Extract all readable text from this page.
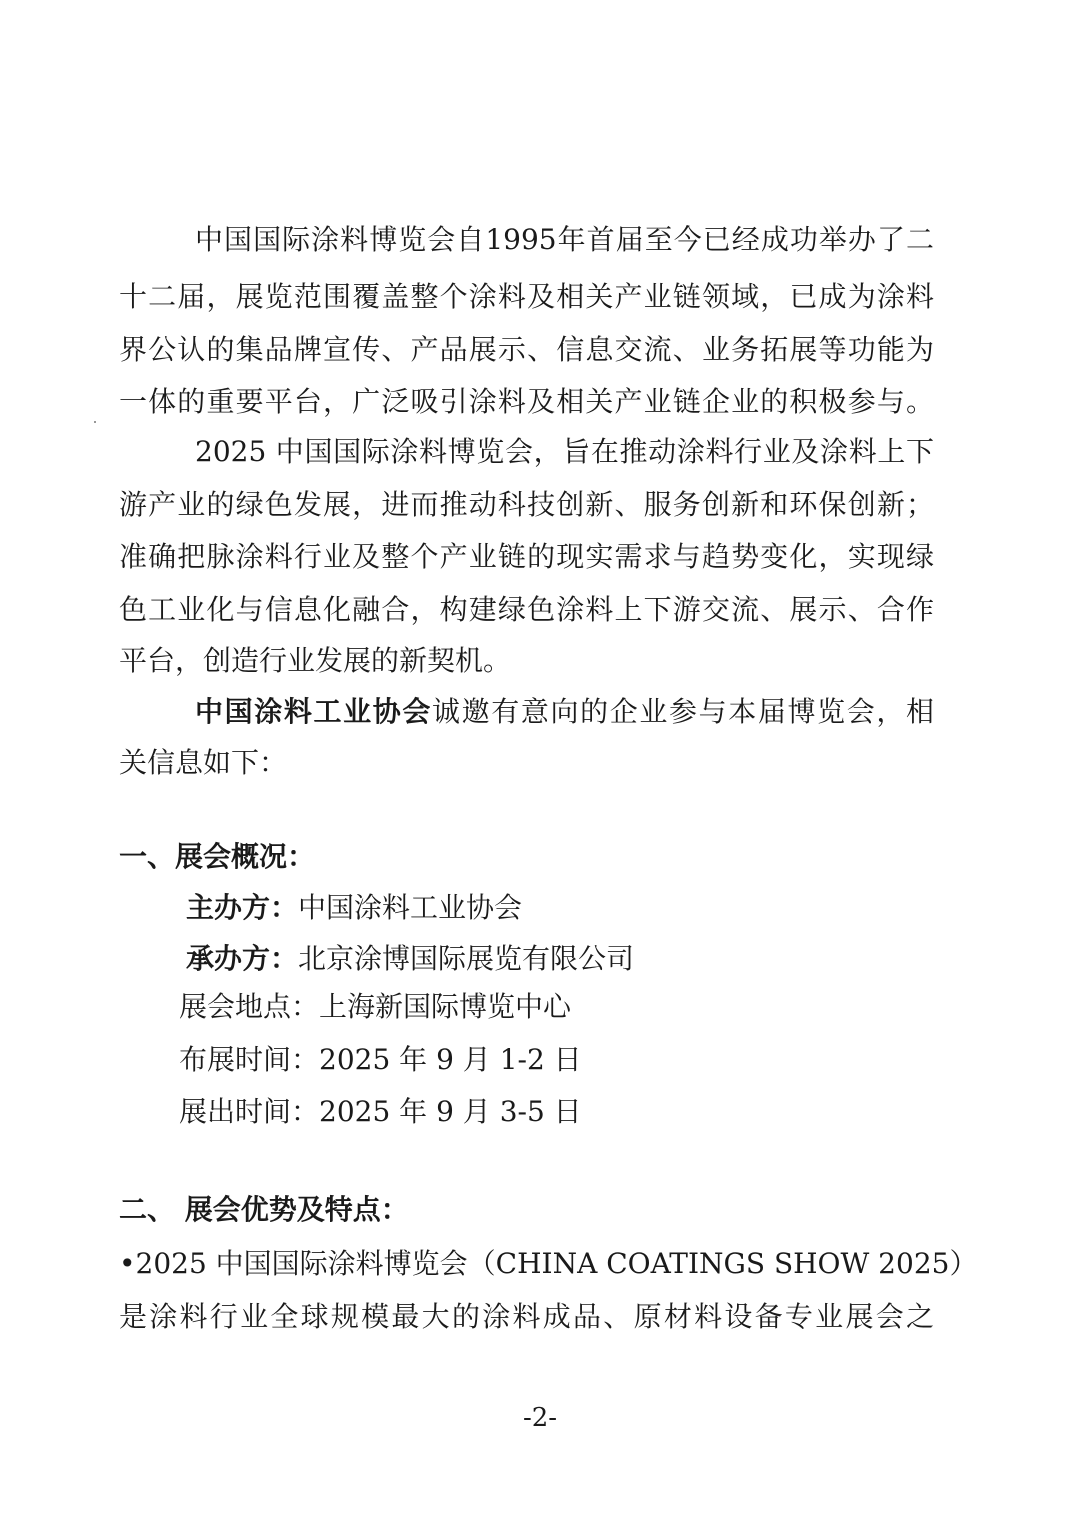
中国国际涂料博览会自1995年首届至今已经成功举办了二
十二届，展览范围覆盖整个涂料及相关产业链领域，已成为涂料
界公认的集品牌宣传、产品展示、信息交流、业务拓展等功能为
一体的重要平台，广泛吸引涂料及相关产业链企业的积极参与。
2025 中国国际涂料博览会，旨在推动涂料行业及涂料上下
游产业的绿色发展，进而推动科技创新、服务创新和环保创新；
准确把脉涂料行业及整个产业链的现实需求与趋势变化，实现绿
色工业化与信息化融合，构建绿色涂料上下游交流、展示、合作
平台，创造行业发展的新契机。
中国涂料工业协会诚邀有意向的企业参与本届博览会，相
关信息如下：
一、展会概况：
主办方：中国涂料工业协会
承办方：北京涂博国际展览有限公司
展会地点：上海新国际博览中心
布展时间：2025 年 9 月 1-2 日
展出时间：2025 年 9 月 3-5 日
二、 展会优势及特点：
•2025 中国国际涂料博览会（CHINA COATINGS SHOW 2025）
是涂料行业全球规模最大的涂料成品、原材料设备专业展会之
-2-
